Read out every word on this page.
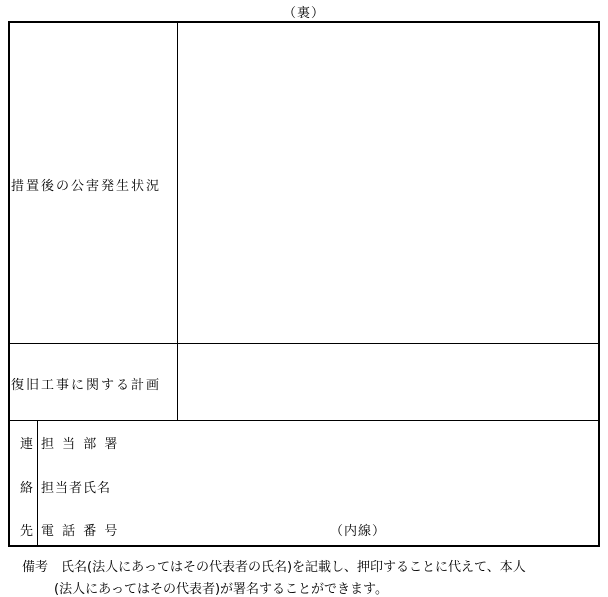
（裏）
措置後の公害発生状況
復旧工事に関する計画
連
絡
先
担 当 部 署
担当者氏名
電 話 番 号	（内線）
備考　氏名(法人にあってはその代表者の氏名)を記載し、押印することに代えて、本人
(法人にあってはその代表者)が署名することができます。
